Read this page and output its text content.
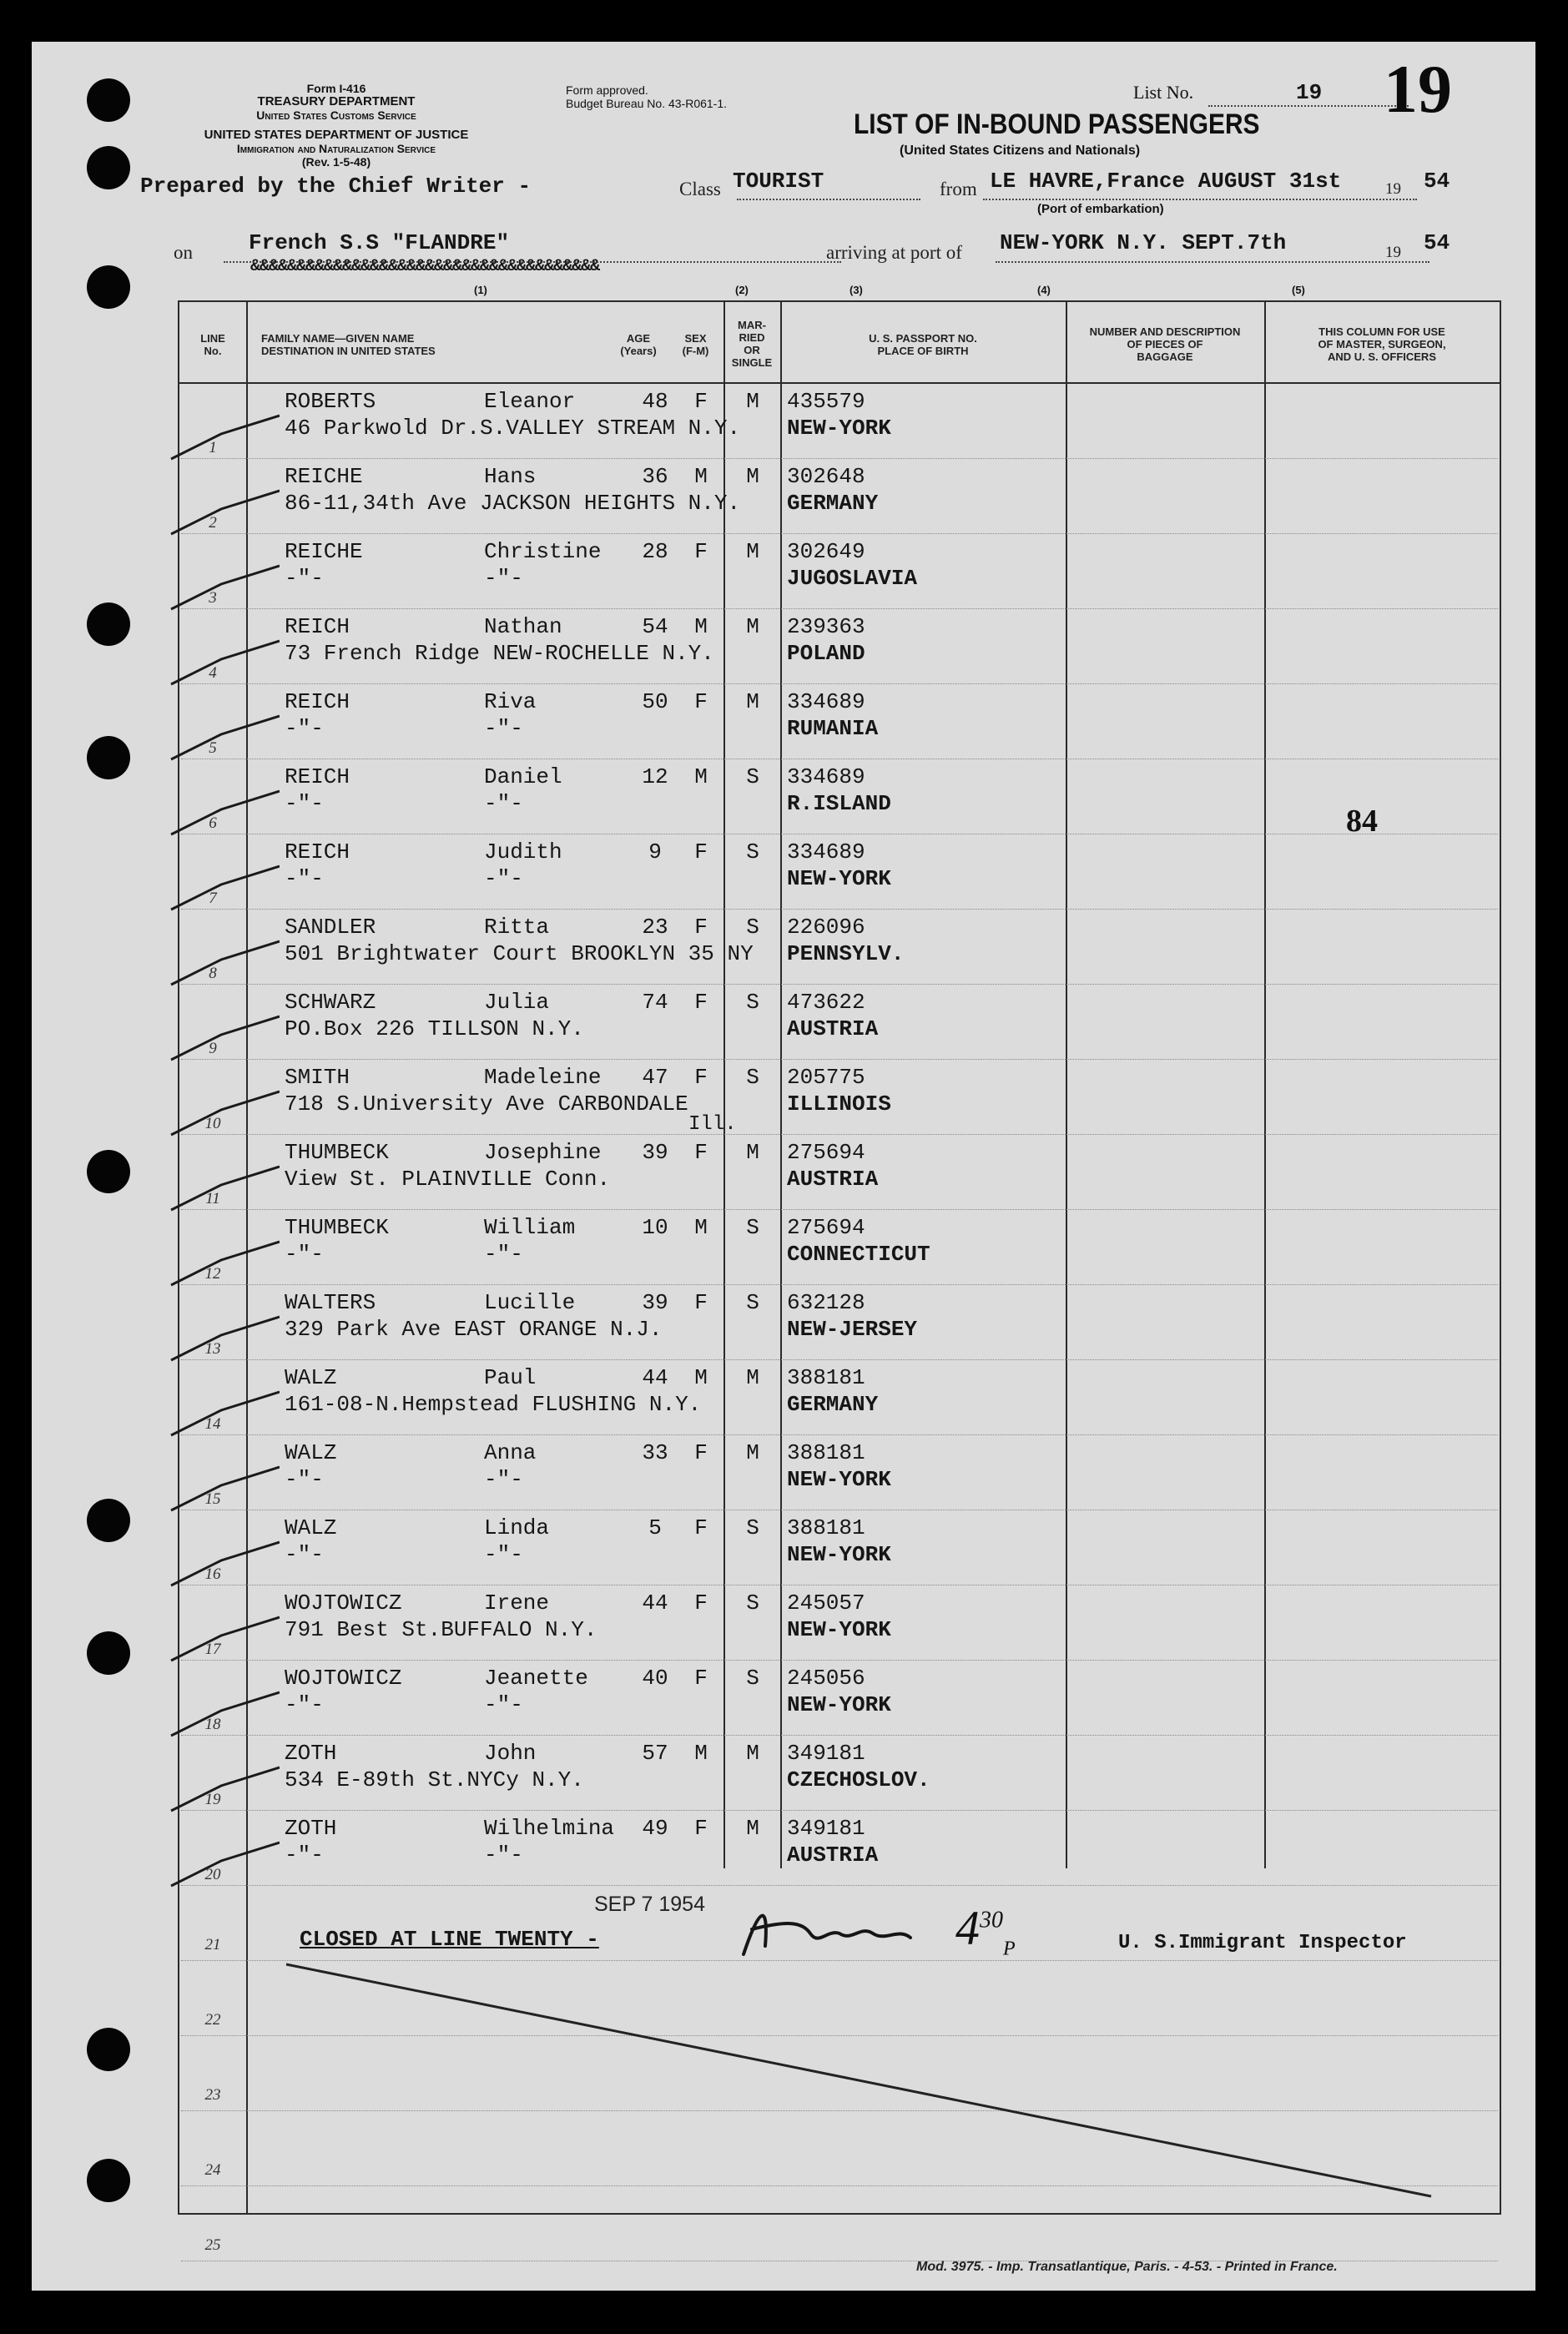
Form I-416
TREASURY DEPARTMENT
United States Customs Service
UNITED STATES DEPARTMENT OF JUSTICE
Immigration and Naturalization Service
(Rev. 1-5-48)
Form approved.
Budget Bureau No. 43-R061-1.
List No.	19 19
LIST OF IN-BOUND PASSENGERS
(United States Citizens and Nationals)
Prepared by the Chief Writer -	Class TOURIST	from LE HAVRE,France AUGUST 31st	19 54
(Port of embarkation)
on	French S.S "FLANDRE"
&&&&&&&&&&&&&&&&&&&&&&&&&&&&&&&&&&&&&&
arriving at port of NEW-YORK N.Y. SEPT.7th	19 54
(1)	(2)	(3)	(4)	(5)
LINE
No.
FAMILY NAME—GIVEN NAME
DESTINATION IN UNITED STATES
AGE
(Years)
SEX
(F-M)
MAR-
RIED
OR
SINGLE
U. S. PASSPORT NO.
PLACE OF BIRTH
NUMBER AND DESCRIPTION
OF PIECES OF
BAGGAGE
THIS COLUMN FOR USE
OF MASTER, SURGEON,
AND U. S. OFFICERS
1
ROBERTS	Eleanor	48	F	M	435579
46 Parkwold Dr.S.VALLEY STREAM N.Y. NEW-YORK
2
REICHE	Hans	36	M	M	302648
86-11,34th Ave JACKSON HEIGHTS N.Y. GERMANY
3
REICHE	Christine	28	F	M	302649
-"-	-"-	JUGOSLAVIA
4
REICH	Nathan	54	M	M	239363
73 French Ridge NEW-ROCHELLE N.Y.	POLAND
5
REICH	Riva	50	F	M	334689
-"-	-"-	RUMANIA
6
REICH	Daniel	12	M	S	334689
-"-	-"-	R.ISLAND
7
REICH	Judith	9	F	S	334689
-"-	-"-	NEW-YORK
8
SANDLER	Ritta	23	F	S	226096
501 Brightwater Court BROOKLYN 35 NY PENNSYLV.
9
SCHWARZ	Julia	74	F	S	473622
PO.Box 226 TILLSON N.Y.	AUSTRIA
10
SMITH	Madeleine	47	F	S	205775
718 S.University Ave CARBONDALE
Ill.
ILLINOIS
11
THUMBECK	Josephine	39	F	M	275694
View St. PLAINVILLE Conn.	AUSTRIA
12
THUMBECK	William	10	M	S	275694
-"-	-"-	CONNECTICUT
13
WALTERS	Lucille	39	F	S	632128
329 Park Ave EAST ORANGE N.J.	NEW-JERSEY
14
WALZ	Paul	44	M	M	388181
161-08-N.Hempstead FLUSHING N.Y.	GERMANY
15
WALZ	Anna	33	F	M	388181
-"-	-"-	NEW-YORK
16
WALZ	Linda	5	F	S	388181
-"-	-"-	NEW-YORK
17
WOJTOWICZ	Irene	44	F	S	245057
791 Best St.BUFFALO N.Y.	NEW-YORK
18
WOJTOWICZ	Jeanette	40	F	S	245056
-"-	-"-	NEW-YORK
19
ZOTH	John	57	M	M	349181
534 E-89th St.NYCy N.Y.	CZECHOSLOV.
20
ZOTH	Wilhelmina	49	F	M	349181
-"-	-"-	AUSTRIA
21
22
23
24
25
84
SEP 7 1954
CLOSED AT LINE TWENTY -	$4^{30}_P$	U. S.Immigrant Inspector
Mod. 3975. - Imp. Transatlantique, Paris. - 4-53. - Printed in France.
